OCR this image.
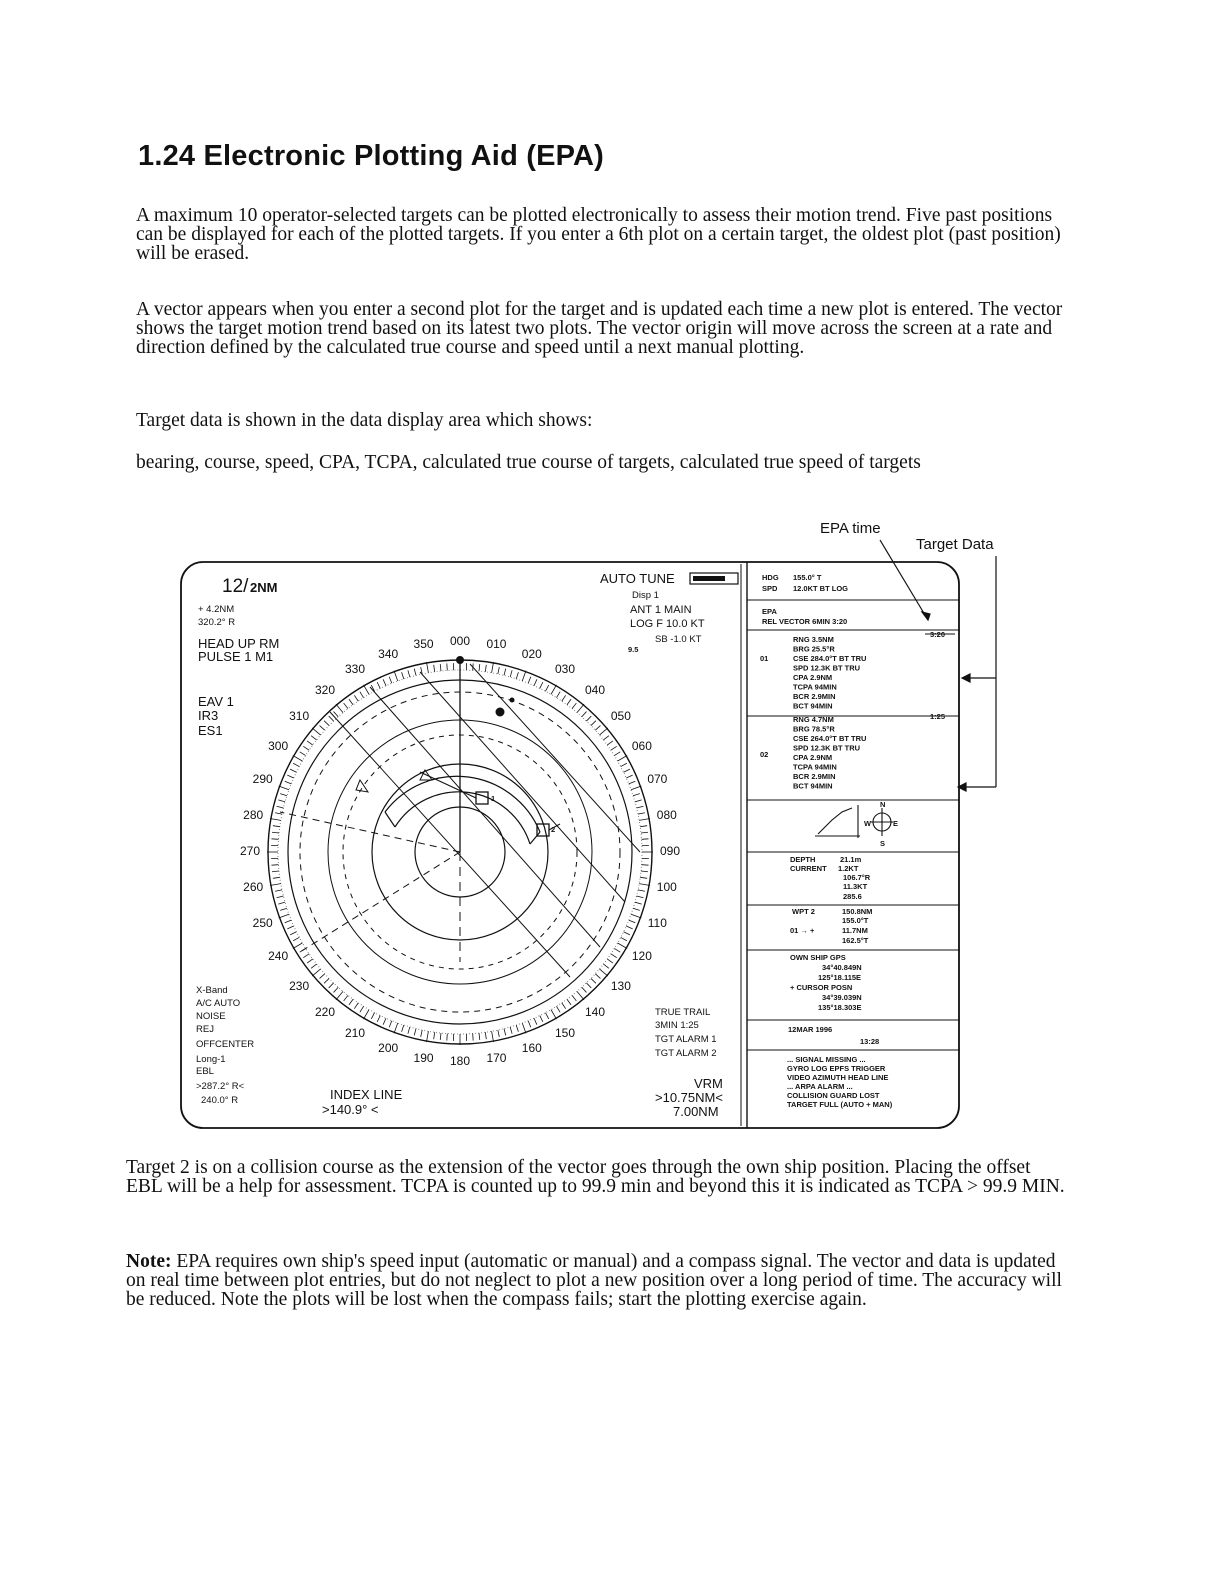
1.24 Electronic Plotting Aid (EPA)
A maximum 10 operator-selected targets can be plotted electronically to assess their motion trend. Five past positions can be displayed for each of the plotted targets. If you enter a 6th plot on a certain target, the oldest plot (past position) will be erased.
A vector appears when you enter a second plot for the target and is updated each time a new plot is entered. The vector shows the target motion trend based on its latest two plots. The vector origin will move across the screen at a rate and direction defined by the calculated true course and speed until a next manual plotting.
Target data is shown in the data display area which shows:
bearing, course, speed, CPA, TCPA, calculated true course of targets, calculated true speed of targets
EPA time
Target Data
000	010
020
030
040
050
060
070
080
090
100
110
120
130
140
150
160
170
180
190
200
210
220
230
240
250
260
270
280
290
300
310
320
330
340
350
12/ 2NM
+ 4.2NM
320.2° R
HEAD UP RM
PULSE 1 M1
EAV 1
IR3
ES1
AUTO TUNE
Disp 1
ANT 1 MAIN
LOG F 10.0 KT
SB -1.0 KT
9.5
X-Band
A/C AUTO
NOISE
REJ
OFFCENTER
Long-1
EBL
>287.2° R<
240.0° R	INDEX LINE
>140.9° <
TRUE TRAIL
3MIN 1:25
TGT ALARM 1
TGT ALARM 2
VRM
>10.75NM<
7.00NM
1
2
HDG 155.0° T
SPD 12.0KT BT LOG
EPA
REL VECTOR 6MIN 3:20
3:20
1:25
01
RNG 3.5NM
BRG 25.5°R
CSE 284.0°T BT TRU
SPD 12.3K BT TRU
CPA 2.9NM
TCPA 94MIN
BCR 2.9MIN
BCT 94MIN
02
RNG 4.7NM
BRG 78.5°R
CSE 264.0°T BT TRU
SPD 12.3K BT TRU
CPA 2.9NM
TCPA 94MIN
BCR 2.9MIN
BCT 94MIN
N
W	E
S
DEPTH	21.1m
CURRENT 1.2KT
106.7°R
11.3KT
285.6
WPT 2	150.8NM
155.0°T
01 → +	11.7NM
162.5°T
OWN SHIP GPS
34°40.849N
125°18.115E
+ CURSOR POSN
34°39.039N
135°18.303E
12MAR 1996
13:28
... SIGNAL MISSING ...
GYRO LOG EPFS TRIGGER
VIDEO AZIMUTH HEAD LINE
... ARPA ALARM ...
COLLISION GUARD LOST
TARGET FULL (AUTO + MAN)
Target 2 is on a collision course as the extension of the vector goes through the own ship position. Placing the offset EBL will be a help for assessment. TCPA is counted up to 99.9 min and beyond this it is indicated as TCPA > 99.9 MIN.
Note: EPA requires own ship's speed input (automatic or manual) and a compass signal. The vector and data is updated on real time between plot entries, but do not neglect to plot a new position over a long period of time. The accuracy will be reduced. Note the plots will be lost when the compass fails; start the plotting exercise again.
